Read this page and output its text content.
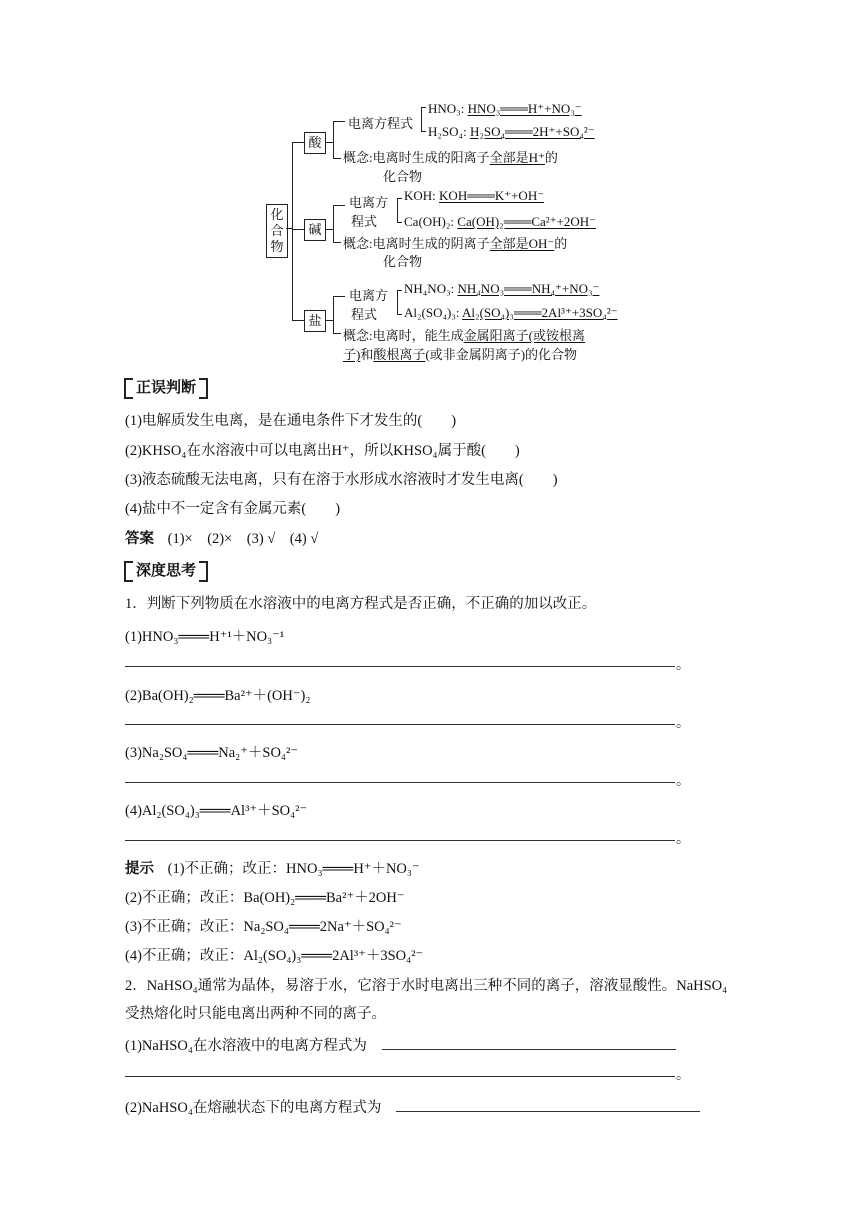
化合物
酸
电离方程式
HNO₃: HNO₃═══H⁺+NO₃⁻
H₂SO₄: H₂SO₄═══2H⁺+SO₄²⁻
概念:电离时生成的阳离子全部是H⁺的
化合物
碱
电离方
程式
KOH: KOH═══K⁺+OH⁻
Ca(OH)₂: Ca(OH)₂═══Ca²⁺+2OH⁻
概念:电离时生成的阴离子全部是OH⁻的
化合物
盐
电离方
程式
NH₄NO₃: NH₄NO₃═══NH₄⁺+NO₃⁻
Al₂(SO₄)₃: Al₂(SO₄)₃═══2Al³⁺+3SO₄²⁻
概念:电离时，能生成金属阳离子(或铵根离
子)和酸根离子(或非金属阴离子)的化合物
正误判断
(1)电解质发生电离，是在通电条件下才发生的(　　)
(2)KHSO₄在水溶液中可以电离出H⁺，所以KHSO₄属于酸(　　)
(3)液态硫酸无法电离，只有在溶于水形成水溶液时才发生电离(　　)
(4)盐中不一定含有金属元素(　　)
答案 (1)×　(2)×　(3) √　(4) √
深度思考
1．判断下列物质在水溶液中的电离方程式是否正确，不正确的加以改正。
(1)HNO₃═══H⁺¹＋NO₃⁻¹
。
(2)Ba(OH)₂═══Ba²⁺＋(OH⁻)₂
。
(3)Na₂SO₄═══Na₂⁺＋SO₄²⁻
。
(4)Al₂(SO₄)₃═══Al³⁺＋SO₄²⁻
。
提示 (1)不正确；改正：HNO₃═══H⁺＋NO₃⁻
(2)不正确；改正：Ba(OH)₂═══Ba²⁺＋2OH⁻
(3)不正确；改正：Na₂SO₄═══2Na⁺＋SO₄²⁻
(4)不正确；改正：Al₂(SO₄)₃═══2Al³⁺＋3SO₄²⁻
2．NaHSO₄通常为晶体，易溶于水，它溶于水时电离出三种不同的离子，溶液显酸性。NaHSO₄
受热熔化时只能电离出两种不同的离子。
(1)NaHSO₄在水溶液中的电离方程式为
。
(2)NaHSO₄在熔融状态下的电离方程式为
